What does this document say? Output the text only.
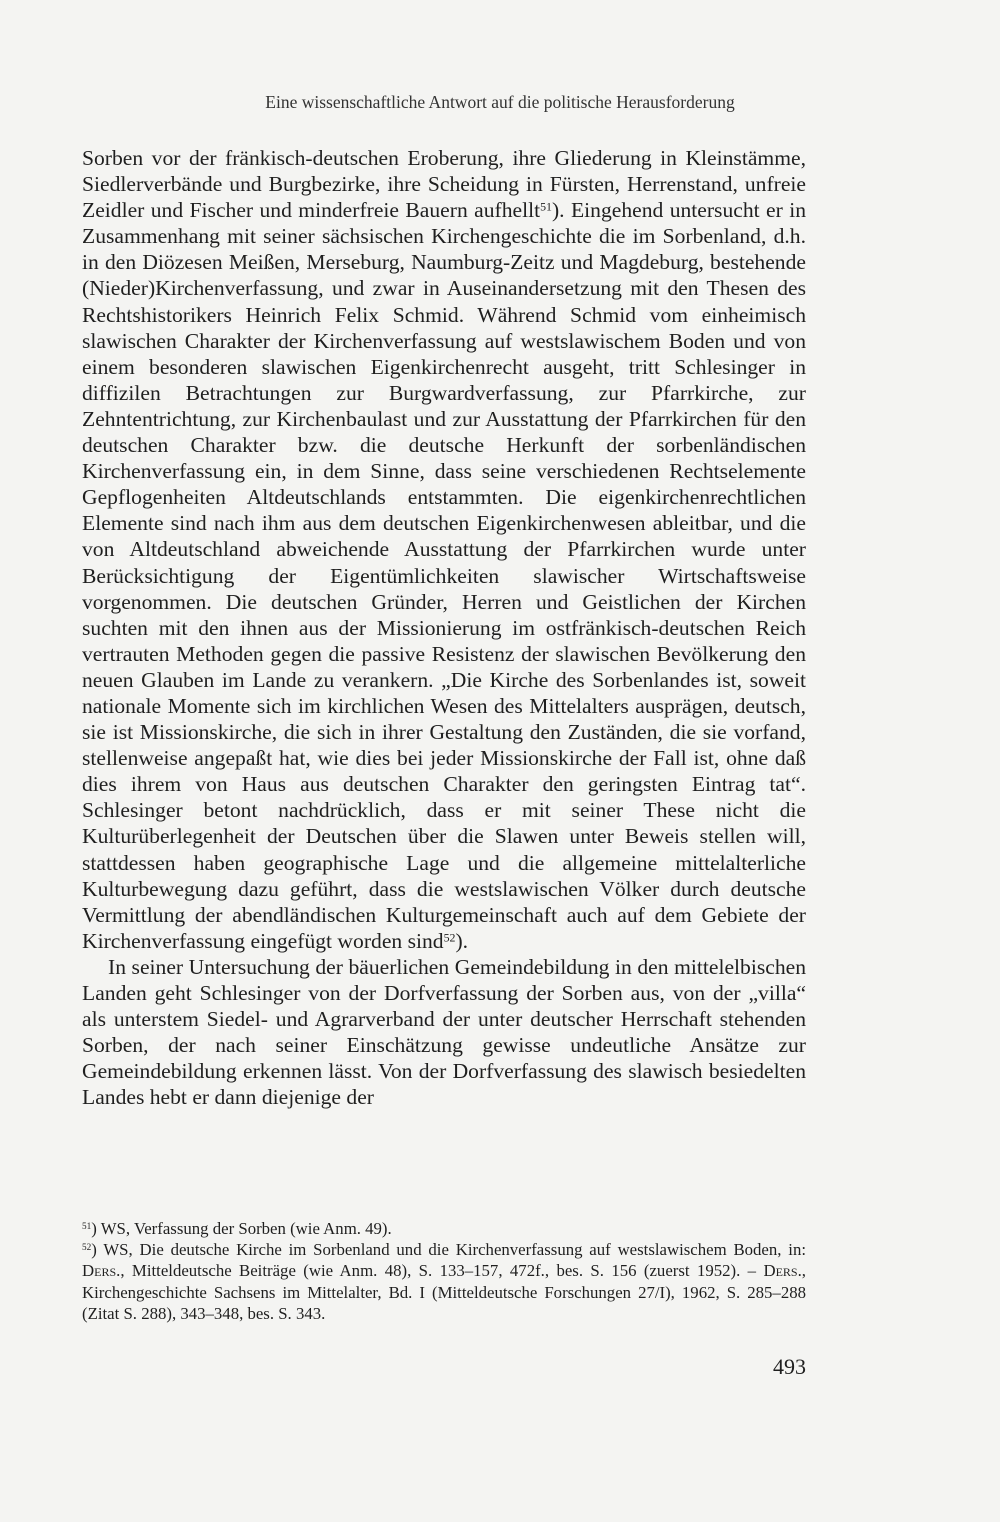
Eine wissenschaftliche Antwort auf die politische Herausforderung

Sorben vor der fränkisch-deutschen Eroberung, ihre Gliederung in Kleinstämme, Siedlerverbände und Burgbezirke, ihre Scheidung in Fürsten, Herrenstand, unfreie Zeidler und Fischer und minderfreie Bauern aufhellt$^{51}$). Eingehend untersucht er in Zusammenhang mit seiner sächsischen Kirchengeschichte die im Sorbenland, d.h. in den Diözesen Meißen, Merseburg, Naumburg-Zeitz und Magdeburg, bestehende (Nieder)Kirchenverfassung, und zwar in Auseinandersetzung mit den Thesen des Rechtshistorikers Heinrich Felix Schmid. Während Schmid vom einheimisch slawischen Charakter der Kirchenverfassung auf westslawischem Boden und von einem besonderen slawischen Eigenkirchenrecht ausgeht, tritt Schlesinger in diffizilen Betrachtungen zur Burgwardverfassung, zur Pfarrkirche, zur Zehntentrichtung, zur Kirchenbaulast und zur Ausstattung der Pfarrkirchen für den deutschen Charakter bzw. die deutsche Herkunft der sorbenländischen Kirchenverfassung ein, in dem Sinne, dass seine verschiedenen Rechtselemente Gepflogenheiten Altdeutschlands entstammten. Die eigenkirchenrechtlichen Elemente sind nach ihm aus dem deutschen Eigenkirchenwesen ableitbar, und die von Altdeutschland abweichende Ausstattung der Pfarrkirchen wurde unter Berücksichtigung der Eigentümlichkeiten slawischer Wirtschaftsweise vorgenommen. Die deutschen Gründer, Herren und Geistlichen der Kirchen suchten mit den ihnen aus der Missionierung im ostfränkisch-deutschen Reich vertrauten Methoden gegen die passive Resistenz der slawischen Bevölkerung den neuen Glauben im Lande zu verankern. „Die Kirche des Sorbenlandes ist, soweit nationale Momente sich im kirchlichen Wesen des Mittelalters ausprägen, deutsch, sie ist Missionskirche, die sich in ihrer Gestaltung den Zuständen, die sie vorfand, stellenweise angepaßt hat, wie dies bei jeder Missionskirche der Fall ist, ohne daß dies ihrem von Haus aus deutschen Charakter den geringsten Eintrag tat“. Schlesinger betont nachdrücklich, dass er mit seiner These nicht die Kulturüberlegenheit der Deutschen über die Slawen unter Beweis stellen will, stattdessen haben geographische Lage und die allgemeine mittelalterliche Kulturbewegung dazu geführt, dass die westslawischen Völker durch deutsche Vermittlung der abendländischen Kulturgemeinschaft auch auf dem Gebiete der Kirchenverfassung eingefügt worden sind$^{52}$).

In seiner Untersuchung der bäuerlichen Gemeindebildung in den mittelelbischen Landen geht Schlesinger von der Dorfverfassung der Sorben aus, von der „villa“ als unterstem Siedel- und Agrarverband der unter deutscher Herrschaft stehenden Sorben, der nach seiner Einschätzung gewisse undeutliche Ansätze zur Gemeindebildung erkennen lässt. Von der Dorfverfassung des slawisch besiedelten Landes hebt er dann diejenige der

$^{51}$) WS, Verfassung der Sorben (wie Anm. 49).

$^{52}$) WS, Die deutsche Kirche im Sorbenland und die Kirchenverfassung auf westslawischem Boden, in: Ders., Mitteldeutsche Beiträge (wie Anm. 48), S. 133–157, 472f., bes. S. 156 (zuerst 1952). – Ders., Kirchengeschichte Sachsens im Mittelalter, Bd. I (Mitteldeutsche Forschungen 27/I), 1962, S. 285–288 (Zitat S. 288), 343–348, bes. S. 343.

493
